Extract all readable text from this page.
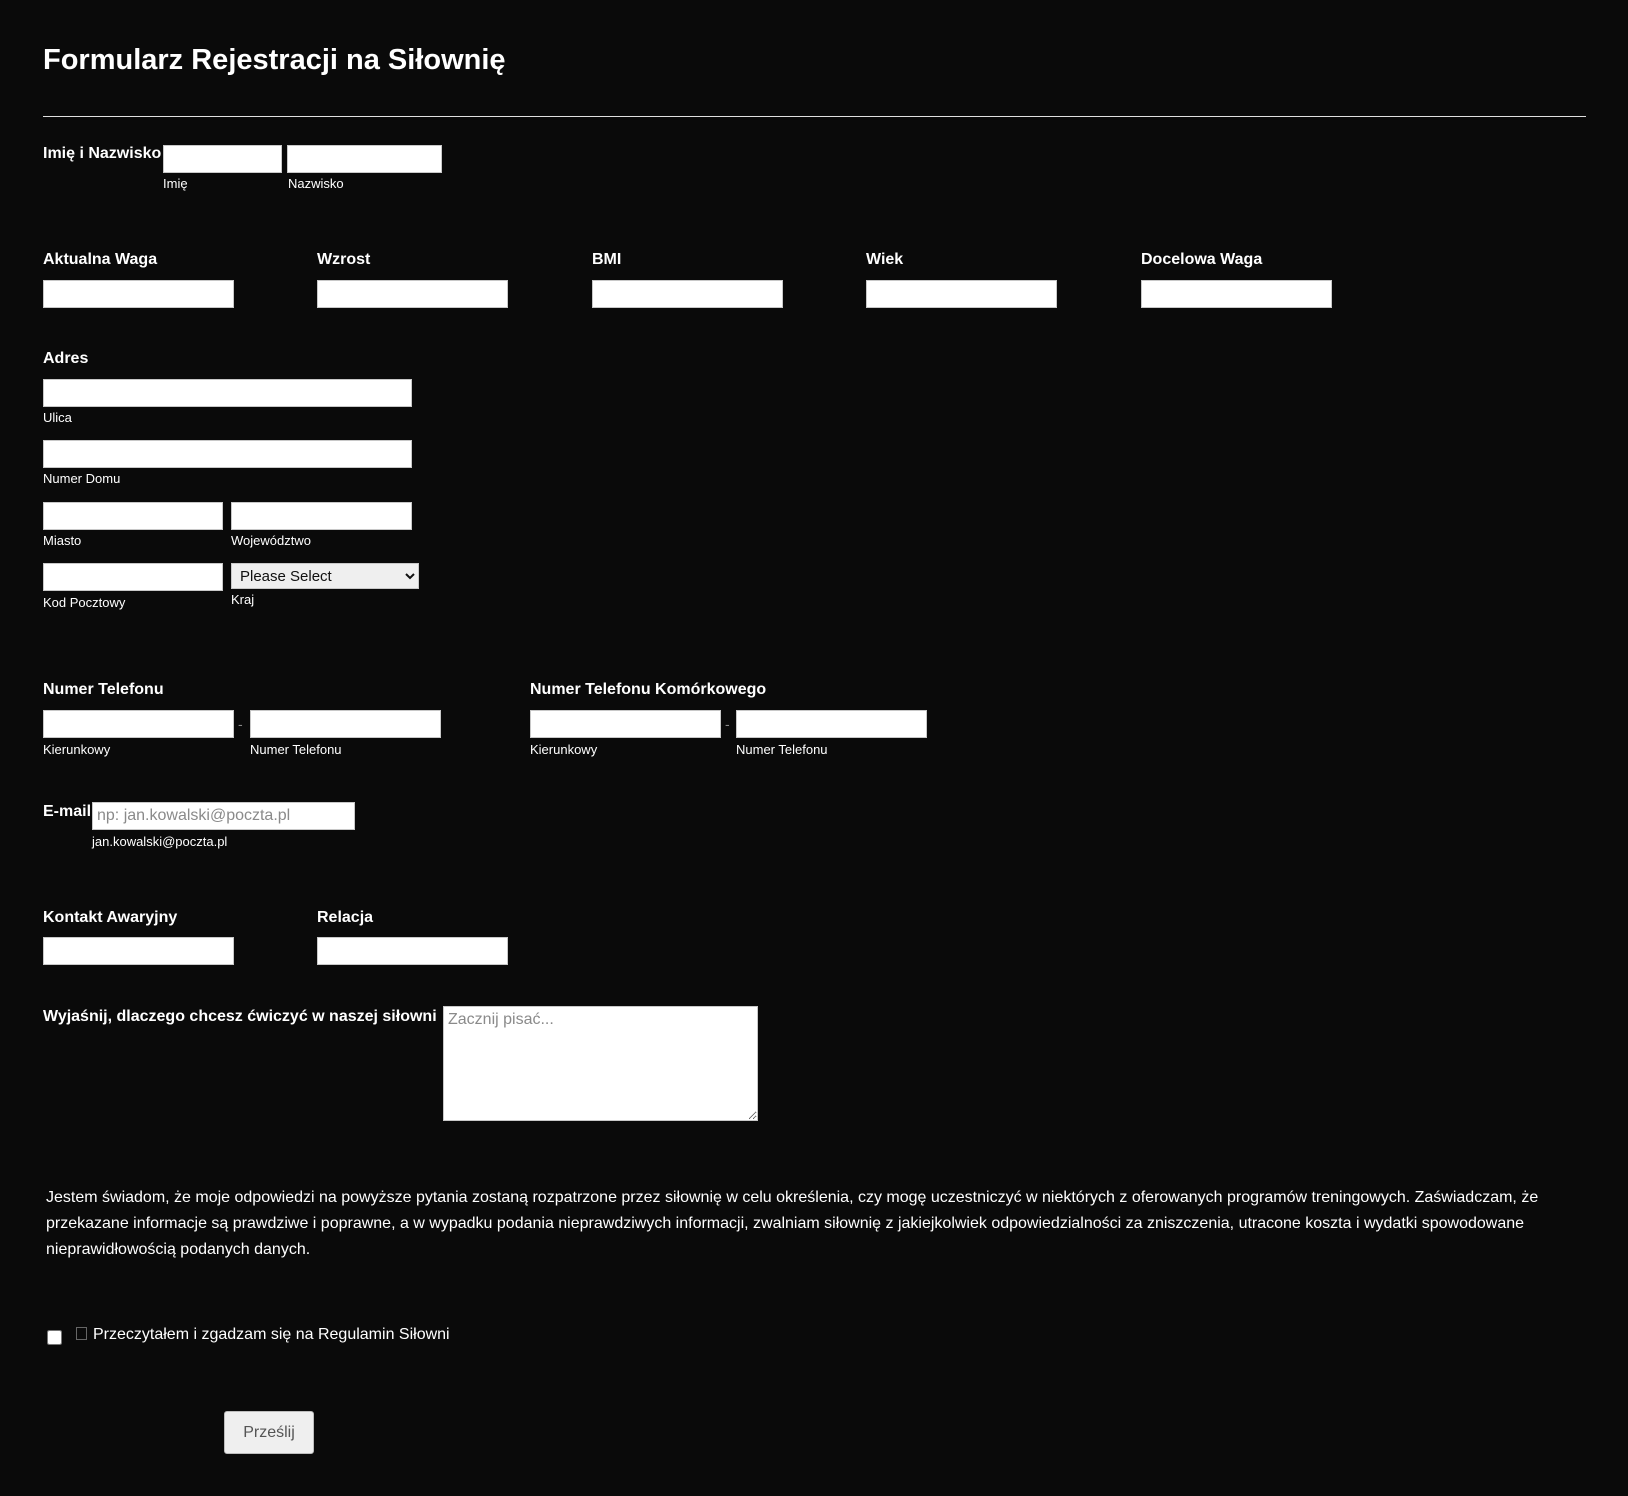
Formularz Rejestracji na Siłownię
Imię i Nazwisko
Imię	Nazwisko
Aktualna Waga	Wzrost	BMI	Wiek	Docelowa Waga
Adres
Ulica
Numer Domu
Miasto	Województwo
Kod Pocztowy
Please Select	Kraj
Numer Telefonu
-
Kierunkowy	Numer Telefonu
Numer Telefonu Komórkowego
-
Kierunkowy	Numer Telefonu
E-mail
np: jan.kowalski@poczta.pl
jan.kowalski@poczta.pl
Kontakt Awaryjny	Relacja
Wyjaśnij, dlaczego chcesz ćwiczyć w naszej siłowni
Zacznij pisać...
Jestem świadom, że moje odpowiedzi na powyższe pytania zostaną rozpatrzone przez siłownię w celu określenia, czy mogę uczestniczyć w niektórych z oferowanych programów treningowych. Zaświadczam, że przekazane informacje są prawdziwe i poprawne, a w wypadku podania nieprawdziwych informacji, zwalniam siłownię z jakiejkolwiek odpowiedzialności za zniszczenia, utracone koszta i wydatki spowodowane nieprawidłowością podanych danych.
Przeczytałem i zgadzam się na Regulamin Siłowni
Prześlij
